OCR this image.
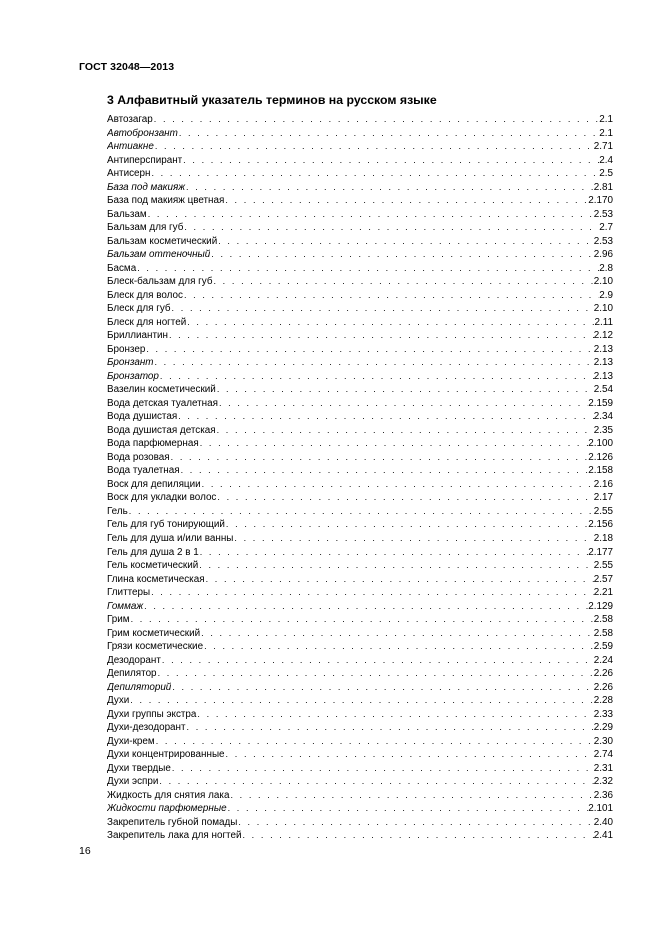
ГОСТ 32048—2013
3 Алфавитный указатель терминов на русском языке
Автозагар . . .	2.1
Автобронзант . . .	2.1
Антиакне . . .	2.71
Антиперспирант . . .	2.4
Антисерн . . .	2.5
База под макияж . . .	2.81
База под макияж цветная . . .	2.170
Бальзам . . .	2.53
Бальзам для губ . . .	2.7
Бальзам косметический . . .	2.53
Бальзам оттеночный . . .	2.96
Басма . . .	2.8
Блеск-бальзам для губ . . .	2.10
Блеск для волос . . .	2.9
Блеск для губ . . .	2.10
Блеск для ногтей . . .	2.11
Бриллиантин . . .	2.12
Бронзер . . .	2.13
Бронзант . . .	2.13
Бронзатор . . .	2.13
Вазелин косметический . . .	2.54
Вода детская туалетная . . .	2.159
Вода душистая . . .	2.34
Вода душистая детская . . .	2.35
Вода парфюмерная . . .	2.100
Вода розовая . . .	2.126
Вода туалетная . . .	2.158
Воск для депиляции . . .	2.16
Воск для укладки волос . . .	2.17
Гель . . .	2.55
Гель для губ тонирующий . . .	2.156
Гель для душа и/или ванны . . .	2.18
Гель для душа 2 в 1 . . .	2.177
Гель косметический . . .	2.55
Глина косметическая . . .	2.57
Глиттеры . . .	2.21
Гоммаж . . .	2.129
Грим . . .	2.58
Грим косметический . . .	2.58
Грязи косметические . . .	2.59
Дезодорант . . .	2.24
Депилятор . . .	2.26
Депиляторий . . .	2.26
Духи . . .	2.28
Духи группы экстра . . .	2.33
Духи-дезодорант . . .	2.29
Духи-крем . . .	2.30
Духи концентрированные . . .	2.74
Духи твердые . . .	2.31
Духи эспри . . .	2.32
Жидкость для снятия лака . . .	2.36
Жидкости парфюмерные . . .	2.101
Закрепитель губной помады . . .	2.40
Закрепитель лака для ногтей . . .	2.41
16
